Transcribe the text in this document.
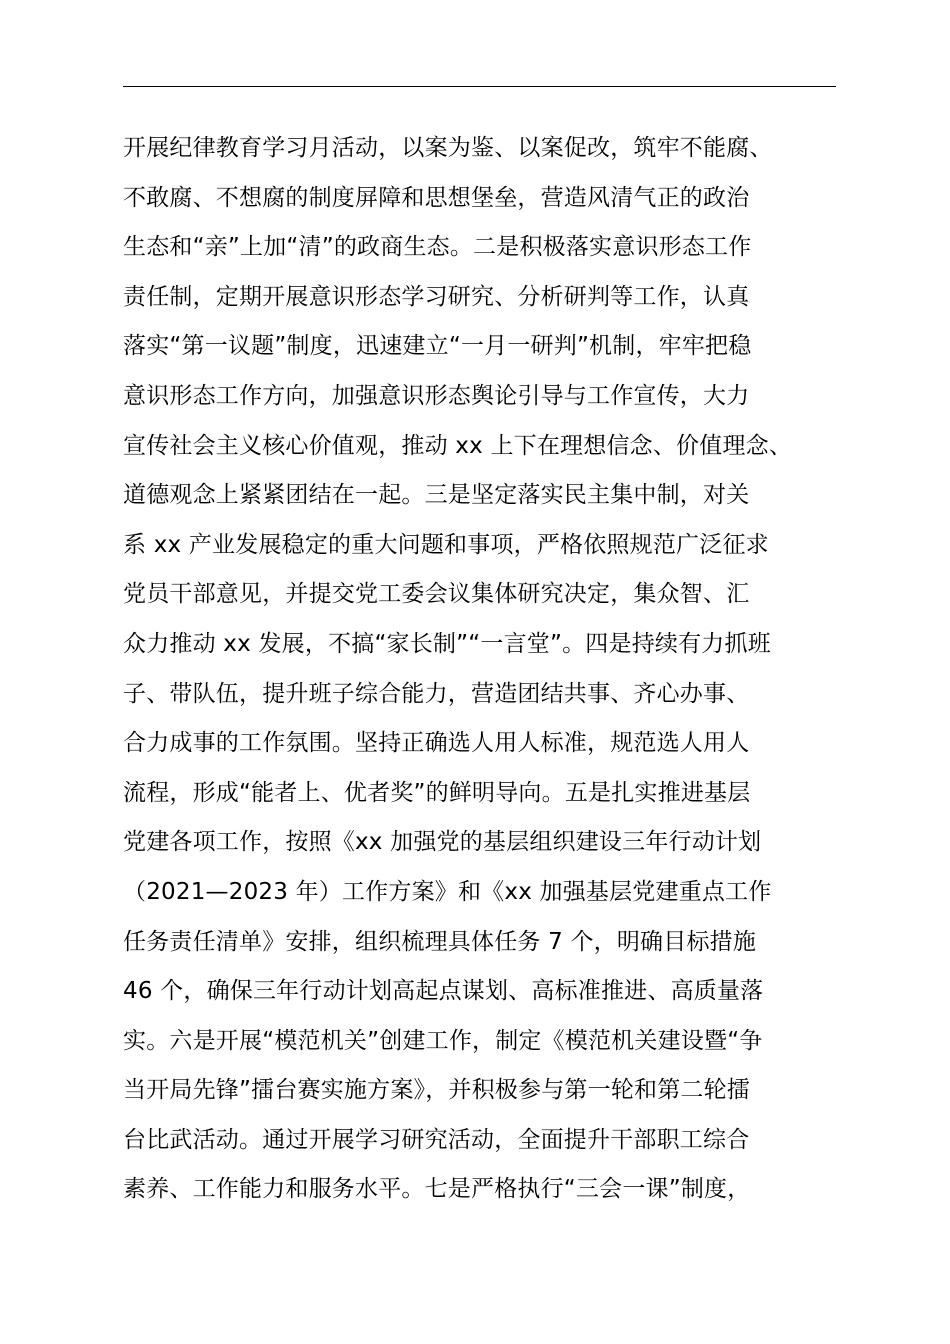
开展纪律教育学习月活动，以案为鉴、以案促改，筑牢不能腐、
不敢腐、不想腐的制度屏障和思想堡垒，营造风清气正的政治
生态和“亲”上加“清”的政商生态。二是积极落实意识形态工作
责任制，定期开展意识形态学习研究、分析研判等工作，认真
落实“第一议题”制度，迅速建立“一月一研判”机制，牢牢把稳
意识形态工作方向，加强意识形态舆论引导与工作宣传，大力
宣传社会主义核心价值观，推动 xx 上下在理想信念、价值理念、
道德观念上紧紧团结在一起。三是坚定落实民主集中制，对关
系 xx 产业发展稳定的重大问题和事项，严格依照规范广泛征求
党员干部意见，并提交党工委会议集体研究决定，集众智、汇
众力推动 xx 发展，不搞“家长制”“一言堂”。四是持续有力抓班
子、带队伍，提升班子综合能力，营造团结共事、齐心办事、
合力成事的工作氛围。坚持正确选人用人标准，规范选人用人
流程，形成“能者上、优者奖”的鲜明导向。五是扎实推进基层
党建各项工作，按照《xx 加强党的基层组织建设三年行动计划
（2021—2023 年）工作方案》和《xx 加强基层党建重点工作
任务责任清单》安排，组织梳理具体任务 7 个，明确目标措施
46 个，确保三年行动计划高起点谋划、高标准推进、高质量落
实。六是开展“模范机关”创建工作，制定《模范机关建设暨“争
当开局先锋”擂台赛实施方案》，并积极参与第一轮和第二轮擂
台比武活动。通过开展学习研究活动，全面提升干部职工综合
素养、工作能力和服务水平。七是严格执行“三会一课”制度，
